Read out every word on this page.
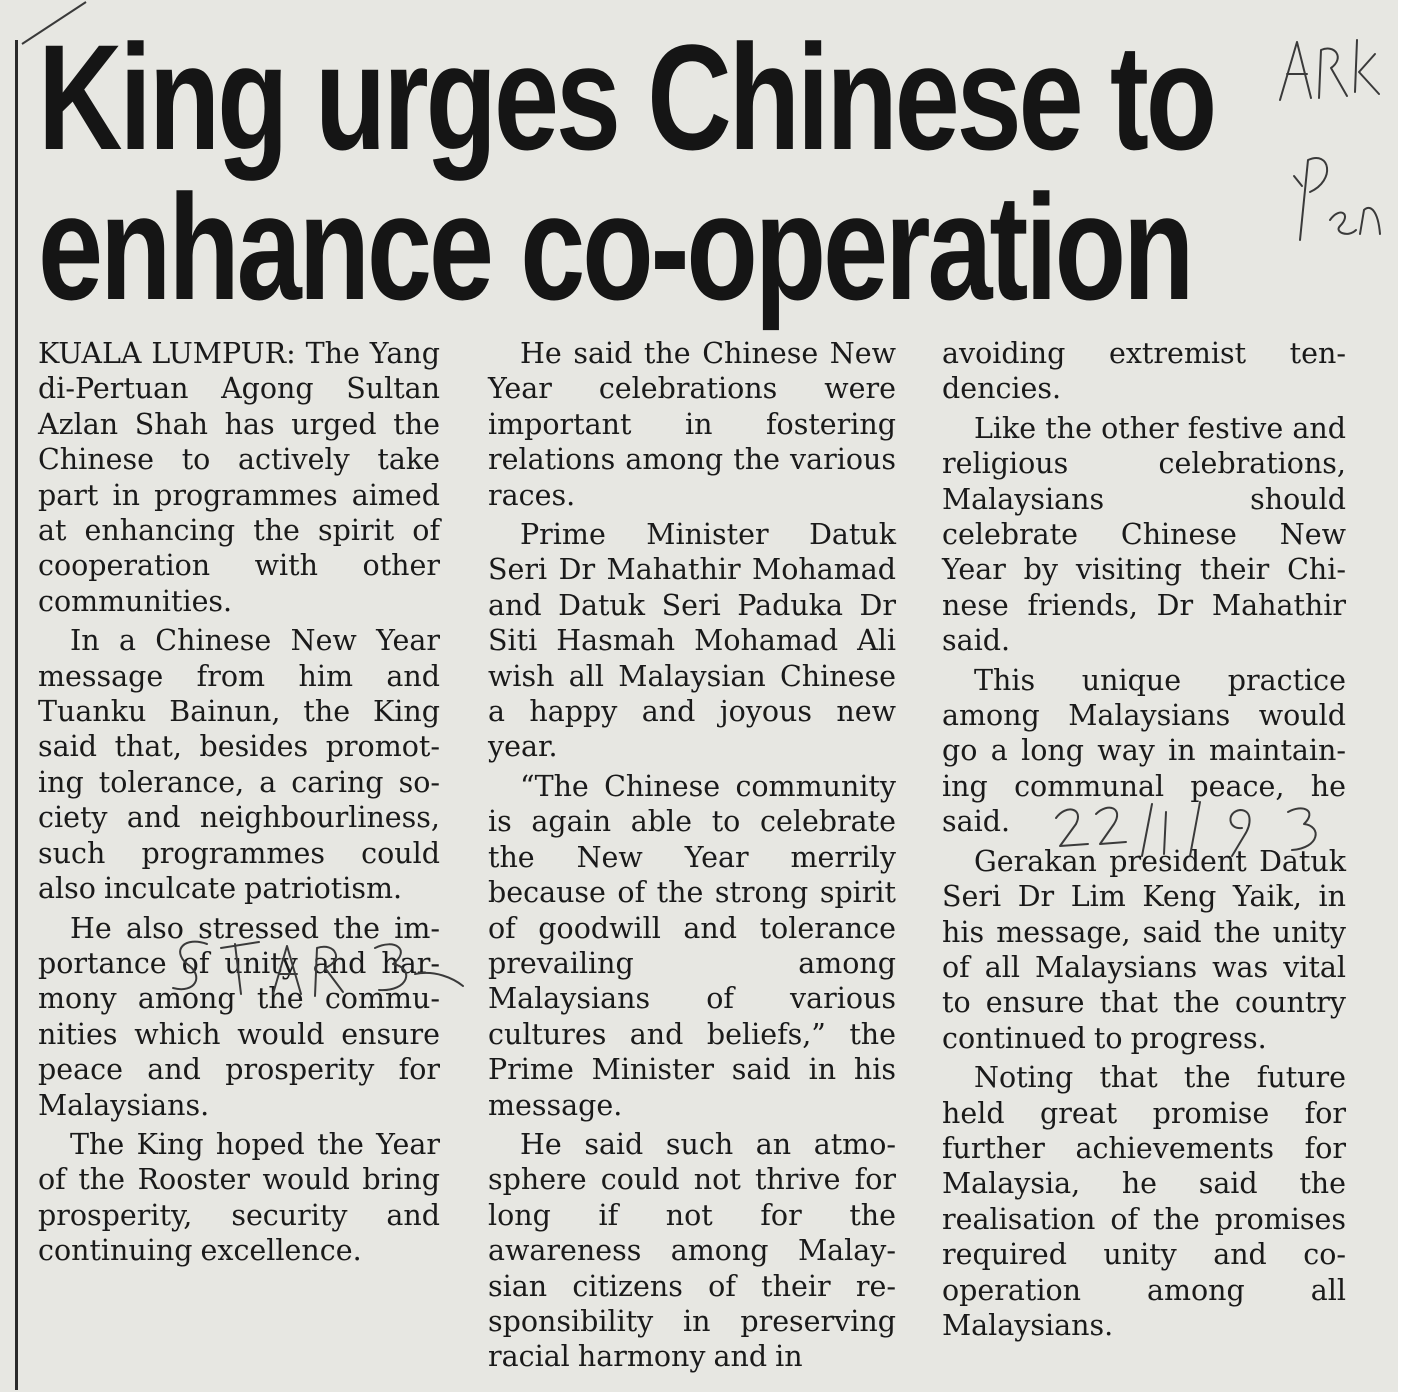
King urges Chinese to
enhance co-operation

KUALA LUMPUR: The Yang di-Pertuan Agong Sultan Azlan Shah has urged the Chinese to actively take part in programmes aimed at enhancing the spirit of cooperation with other communities.

In a Chinese New Year message from him and Tuanku Bainun, the King said that, besides promoting tolerance, a caring society and neighbourliness, such programmes could also inculcate patriotism.

He also stressed the importance of unity and harmony among the communities which would ensure peace and prosperity for Malaysians.

The King hoped the Year of the Rooster would bring prosperity, security and continuing excellence.

He said the Chinese New Year celebrations were important in fostering relations among the various races.

Prime Minister Datuk Seri Dr Mahathir Mohamad and Datuk Seri Paduka Dr Siti Hasmah Mohamad Ali wish all Malaysian Chinese a happy and joyous new year.

“The Chinese community is again able to celebrate the New Year merrily because of the strong spirit of goodwill and tolerance prevailing among Malaysians of various cultures and beliefs,” the Prime Minister said in his message.

He said such an atmosphere could not thrive for long if not for the awareness among Malaysian citizens of their responsibility in preserving racial harmony and in

avoiding extremist tendencies.

Like the other festive and religious celebrations, Malaysians should celebrate Chinese New Year by visiting their Chinese friends, Dr Mahathir said.

This unique practice among Malaysians would go a long way in maintaining communal peace, he said.

Gerakan president Datuk Seri Dr Lim Keng Yaik, in his message, said the unity of all Malaysians was vital to ensure that the country continued to progress.

Noting that the future held great promise for further achievements for Malaysia, he said the realisation of the promises required unity and co-operation among all Malaysians.
